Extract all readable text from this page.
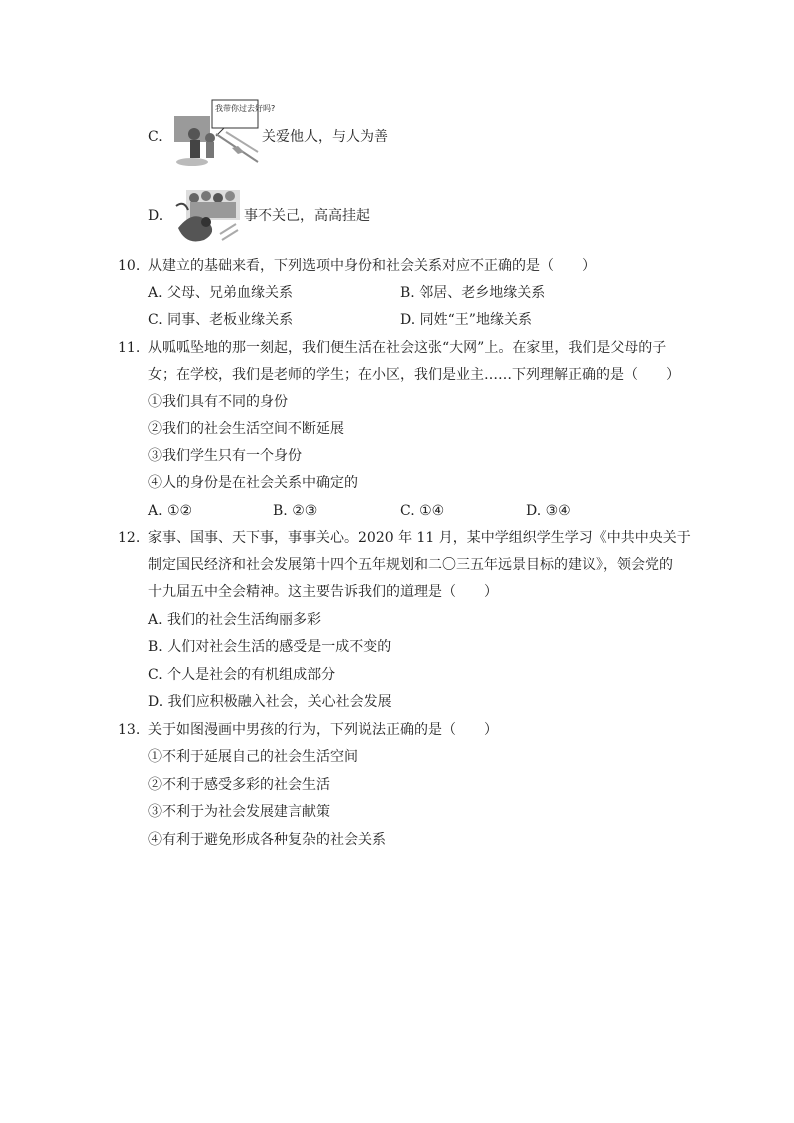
C.
我带你过去好吗?
关爱他人，与人为善
D.	事不关己，高高挂起
10. 从建立的基础来看，下列选项中身份和社会关系对应不正确的是（　　）
A. 父母、兄弟血缘关系	B. 邻居、老乡地缘关系
C. 同事、老板业缘关系	D. 同姓“王”地缘关系
11. 从呱呱坠地的那一刻起，我们便生活在社会这张“大网”上。在家里，我们是父母的子
女；在学校，我们是老师的学生；在小区，我们是业主……下列理解正确的是（　　）
①我们具有不同的身份
②我们的社会生活空间不断延展
③我们学生只有一个身份
④人的身份是在社会关系中确定的
A. ①②	B. ②③	C. ①④	D. ③④
12. 家事、国事、天下事，事事关心。2020 年 11 月，某中学组织学生学习《中共中央关于
制定国民经济和社会发展第十四个五年规划和二〇三五年远景目标的建议》，领会党的
十九届五中全会精神。这主要告诉我们的道理是（　　）
A. 我们的社会生活绚丽多彩
B. 人们对社会生活的感受是一成不变的
C. 个人是社会的有机组成部分
D. 我们应积极融入社会，关心社会发展
13. 关于如图漫画中男孩的行为，下列说法正确的是（　　）
①不利于延展自己的社会生活空间
②不利于感受多彩的社会生活
③不利于为社会发展建言献策
④有利于避免形成各种复杂的社会关系
